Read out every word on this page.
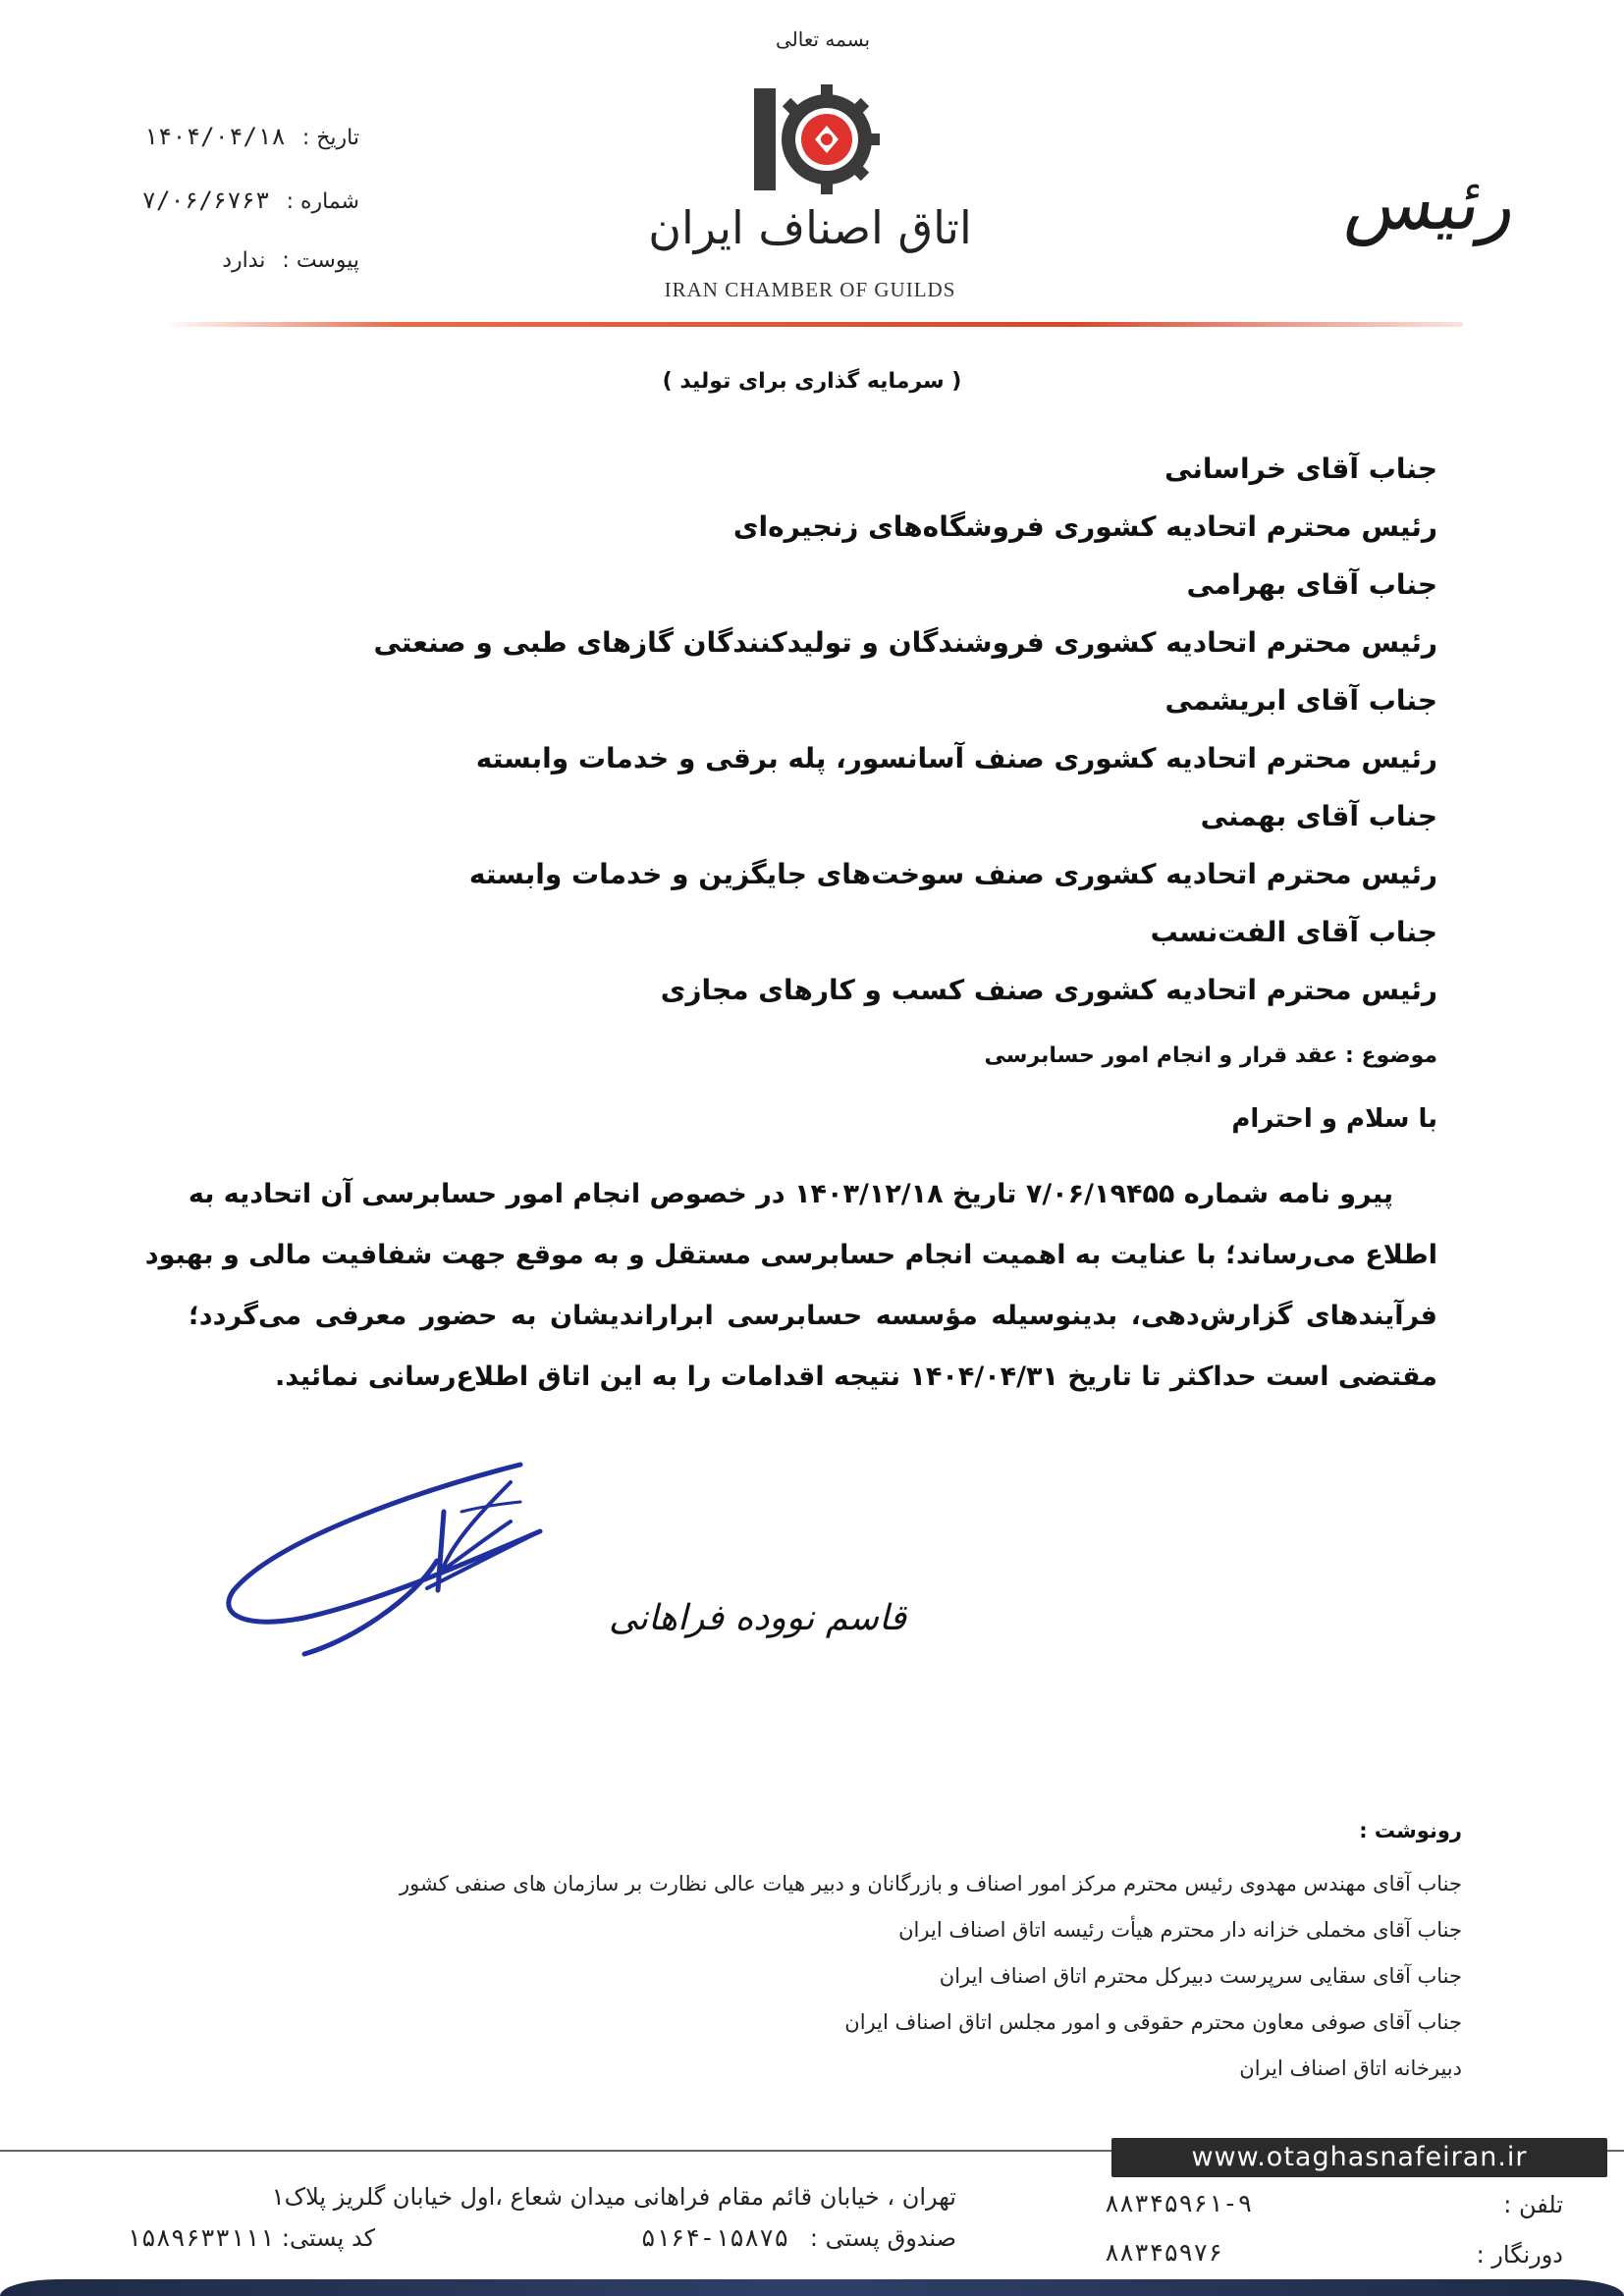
تاریخ : ۱۴۰۴/۰۴/۱۸
شماره : ۷/۰۶/۶۷۶۳
پیوست : ندارد
بسمه تعالی
اتاق اصناف ایران
IRAN CHAMBER OF GUILDS
رئیس
( سرمایه گذاری برای تولید )
جناب آقای خراسانی
رئیس محترم اتحادیه کشوری فروشگاه‌های زنجیره‌ای
جناب آقای بهرامی
رئیس محترم اتحادیه کشوری فروشندگان و تولیدکنندگان گازهای طبی و صنعتی
جناب آقای ابریشمی
رئیس محترم اتحادیه کشوری صنف آسانسور، پله برقی و خدمات وابسته
جناب آقای بهمنی
رئیس محترم اتحادیه کشوری صنف سوخت‌های جایگزین و خدمات وابسته
جناب آقای الفت‌نسب
رئیس محترم اتحادیه کشوری صنف کسب و کارهای مجازی
موضوع : عقد قرار و انجام امور حسابرسی
با سلام و احترام
پیرو نامه شماره ۷/۰۶/۱۹۴۵۵ تاریخ ۱۴۰۳/۱۲/۱۸ در خصوص انجام امور حسابرسی آن اتحادیه به
اطلاع می‌رساند؛ با عنایت به اهمیت انجام حسابرسی مستقل و به موقع جهت شفافیت مالی و بهبود
فرآیندهای گزارش‌دهی، بدینوسیله مؤسسه حسابرسی ابراراندیشان به حضور معرفی می‌گردد؛
مقتضی است حداکثر تا تاریخ ۱۴۰۴/۰۴/۳۱ نتیجه اقدامات را به این اتاق اطلاع‌رسانی نمائید.
قاسم نووده فراهانی
رونوشت :
جناب آقای مهندس مهدوی رئیس محترم مرکز امور اصناف و بازرگانان و دبیر هیات عالی نظارت بر سازمان های صنفی کشور
جناب آقای مخملی خزانه دار محترم هیأت رئیسه اتاق اصناف ایران
جناب آقای سقایی سرپرست دبیرکل محترم اتاق اصناف ایران
جناب آقای صوفی معاون محترم حقوقی و امور مجلس اتاق اصناف ایران
دبیرخانه اتاق اصناف ایران
www.otaghasnafeiran.ir
تهران ، خیابان قائم مقام فراهانی میدان شعاع ،اول خیابان گلریز پلاک۱
صندوق پستی : ۱۵۸۷۵-۵۱۶۴
کد پستی: ۱۵۸۹۶۳۳۱۱۱
تلفن :
۸۸۳۴۵۹۶۱-۹
دورنگار :
۸۸۳۴۵۹۷۶
